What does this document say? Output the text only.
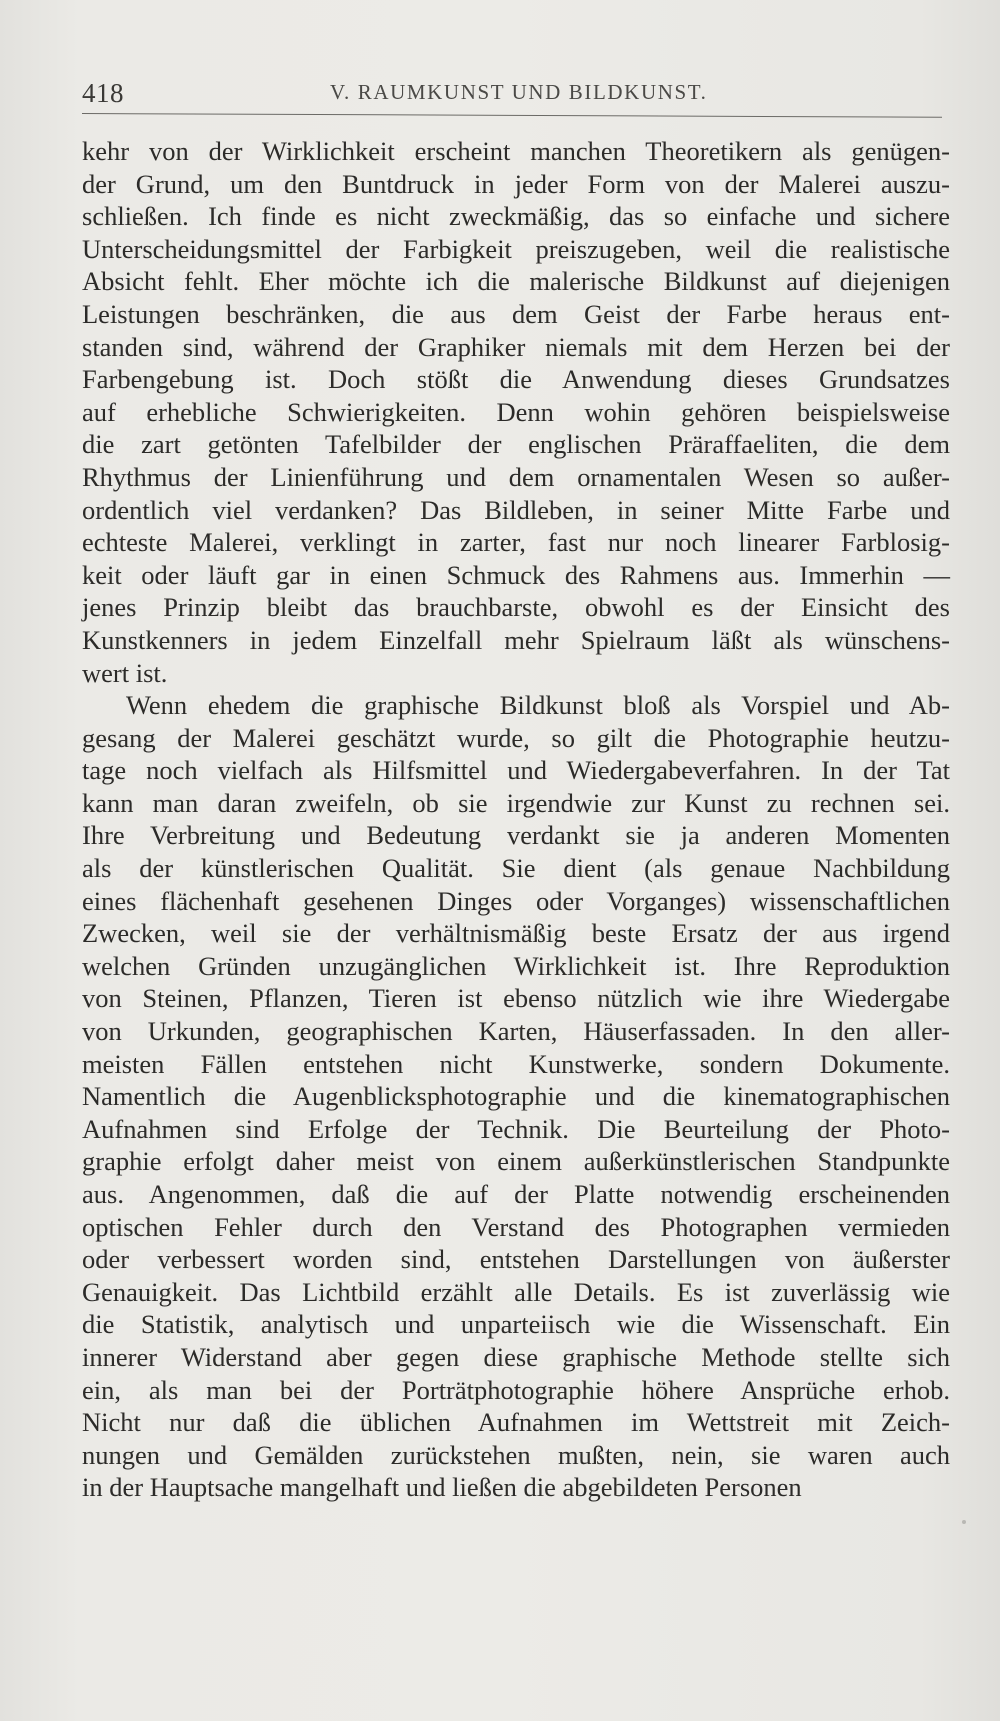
418	V. RAUMKUNST UND BILDKUNST.
kehr von der Wirklichkeit erscheint manchen Theoretikern als genügen-
der Grund, um den Buntdruck in jeder Form von der Malerei auszu-
schließen. Ich finde es nicht zweckmäßig, das so einfache und sichere
Unterscheidungsmittel der Farbigkeit preiszugeben, weil die realistische
Absicht fehlt. Eher möchte ich die malerische Bildkunst auf diejenigen
Leistungen beschränken, die aus dem Geist der Farbe heraus ent-
standen sind, während der Graphiker niemals mit dem Herzen bei der
Farbengebung ist. Doch stößt die Anwendung dieses Grundsatzes
auf erhebliche Schwierigkeiten. Denn wohin gehören beispielsweise
die zart getönten Tafelbilder der englischen Präraffaeliten, die dem
Rhythmus der Linienführung und dem ornamentalen Wesen so außer-
ordentlich viel verdanken? Das Bildleben, in seiner Mitte Farbe und
echteste Malerei, verklingt in zarter, fast nur noch linearer Farblosig-
keit oder läuft gar in einen Schmuck des Rahmens aus. Immerhin —
jenes Prinzip bleibt das brauchbarste, obwohl es der Einsicht des
Kunstkenners in jedem Einzelfall mehr Spielraum läßt als wünschens-
wert ist.
Wenn ehedem die graphische Bildkunst bloß als Vorspiel und Ab-
gesang der Malerei geschätzt wurde, so gilt die Photographie heutzu-
tage noch vielfach als Hilfsmittel und Wiedergabeverfahren. In der Tat
kann man daran zweifeln, ob sie irgendwie zur Kunst zu rechnen sei.
Ihre Verbreitung und Bedeutung verdankt sie ja anderen Momenten
als der künstlerischen Qualität. Sie dient (als genaue Nachbildung
eines flächenhaft gesehenen Dinges oder Vorganges) wissenschaftlichen
Zwecken, weil sie der verhältnismäßig beste Ersatz der aus irgend
welchen Gründen unzugänglichen Wirklichkeit ist. Ihre Reproduktion
von Steinen, Pflanzen, Tieren ist ebenso nützlich wie ihre Wiedergabe
von Urkunden, geographischen Karten, Häuserfassaden. In den aller-
meisten Fällen entstehen nicht Kunstwerke, sondern Dokumente.
Namentlich die Augenblicksphotographie und die kinematographischen
Aufnahmen sind Erfolge der Technik. Die Beurteilung der Photo-
graphie erfolgt daher meist von einem außerkünstlerischen Standpunkte
aus. Angenommen, daß die auf der Platte notwendig erscheinenden
optischen Fehler durch den Verstand des Photographen vermieden
oder verbessert worden sind, entstehen Darstellungen von äußerster
Genauigkeit. Das Lichtbild erzählt alle Details. Es ist zuverlässig wie
die Statistik, analytisch und unparteiisch wie die Wissenschaft. Ein
innerer Widerstand aber gegen diese graphische Methode stellte sich
ein, als man bei der Porträtphotographie höhere Ansprüche erhob.
Nicht nur daß die üblichen Aufnahmen im Wettstreit mit Zeich-
nungen und Gemälden zurückstehen mußten, nein, sie waren auch
in der Hauptsache mangelhaft und ließen die abgebildeten Personen
